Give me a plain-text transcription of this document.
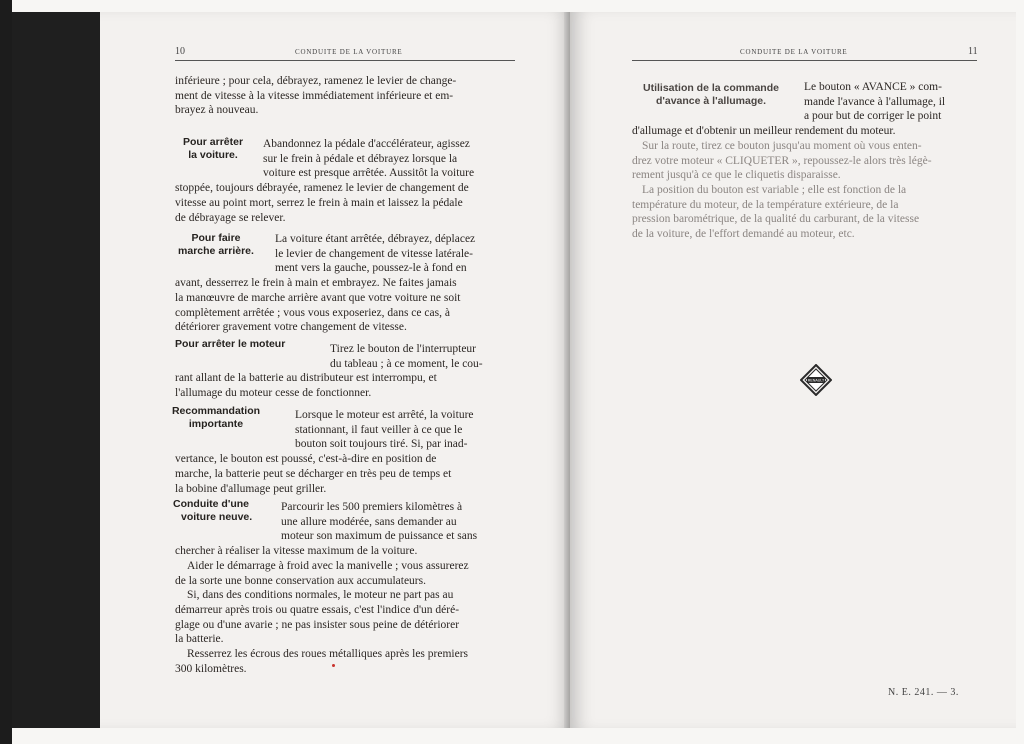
10	CONDUITE DE LA VOITURE
inférieure ; pour cela, débrayez, ramenez le levier de change-
ment de vitesse à la vitesse immédiatement inférieure et em-
brayez à nouveau.
Pour arrêter
la voiture.
Abandonnez la pédale d'accélérateur, agissez
sur le frein à pédale et débrayez lorsque la
voiture est presque arrêtée. Aussitôt la voiture
stoppée, toujours débrayée, ramenez le levier de changement de
vitesse au point mort, serrez le frein à main et laissez la pédale
de débrayage se relever.
Pour faire
marche arrière.
La voiture étant arrêtée, débrayez, déplacez
le levier de changement de vitesse latérale-
ment vers la gauche, poussez-le à fond en
avant, desserrez le frein à main et embrayez. Ne faites jamais
la manœuvre de marche arrière avant que votre voiture ne soit
complètement arrêtée ; vous vous exposeriez, dans ce cas, à
détériorer gravement votre changement de vitesse.
Pour arrêter le moteur	Tirez le bouton de l'interrupteur
du tableau ; à ce moment, le cou-
rant allant de la batterie au distributeur est interrompu, et
l'allumage du moteur cesse de fonctionner.
Recommandation
importante
Lorsque le moteur est arrêté, la voiture
stationnant, il faut veiller à ce que le
bouton soit toujours tiré. Si, par inad-
vertance, le bouton est poussé, c'est-à-dire en position de
marche, la batterie peut se décharger en très peu de temps et
la bobine d'allumage peut griller.
Conduite d'une
voiture neuve.
Parcourir les 500 premiers kilomètres à
une allure modérée, sans demander au
moteur son maximum de puissance et sans
chercher à réaliser la vitesse maximum de la voiture.
Aider le démarrage à froid avec la manivelle ; vous assurerez
de la sorte une bonne conservation aux accumulateurs.
Si, dans des conditions normales, le moteur ne part pas au
démarreur après trois ou quatre essais, c'est l'indice d'un déré-
glage ou d'une avarie ; ne pas insister sous peine de détériorer
la batterie.
Resserrez les écrous des roues métalliques après les premiers
300 kilomètres.
CONDUITE DE LA VOITURE	11
Utilisation de la commande
d'avance à l'allumage.
Le bouton « AVANCE » com-
mande l'avance à l'allumage, il
a pour but de corriger le point
d'allumage et d'obtenir un meilleur rendement du moteur.
Sur la route, tirez ce bouton jusqu'au moment où vous enten-
drez votre moteur « CLIQUETER », repoussez-le alors très légè-
rement jusqu'à ce que le cliquetis disparaisse.
La position du bouton est variable ; elle est fonction de la
température du moteur, de la température extérieure, de la
pression barométrique, de la qualité du carburant, de la vitesse
de la voiture, de l'effort demandé au moteur, etc.
RENAULT
N. E. 241. — 3.
